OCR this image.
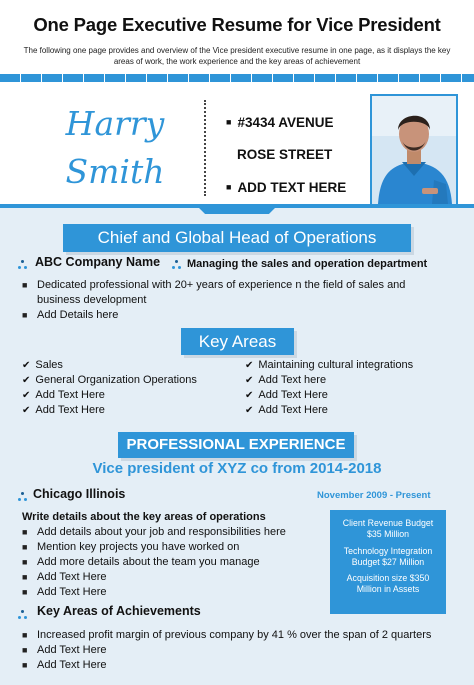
One Page Executive Resume for Vice President
The following one page provides and overview of the Vice president executive resume in one page, as it displays the key areas of work, the work experience and the key areas of achievement
Harry
Smith
■ #3434 AVENUE
ROSE STREET
■ ADD TEXT HERE
Chief and Global Head of Operations
ABC Company Name Managing the sales and operation department
■ Dedicated professional with 20+ years of experience n the field of sales and
business development
■ Add Details here
Key Areas
✔ Sales
✔ General Organization Operations
✔ Add Text Here
✔ Add Text Here
✔ Maintaining cultural integrations
✔ Add Text here
✔ Add Text Here
✔ Add Text Here
PROFESSIONAL EXPERIENCE
Vice president of XYZ co from 2014-2018
Chicago Illinois	November 2009 - Present
Write details about the key areas of operations
■ Add details about your job and responsibilities here
■ Mention key projects you have worked on
■ Add more details about the team you manage
■ Add Text Here
■ Add Text Here
Client Revenue Budget
$35 Million
Technology Integration
Budget $27 Million
Acquisition size $350
Million in Assets
Key Areas of Achievements
■ Increased profit margin of previous company by 41 % over the span of 2 quarters
■ Add Text Here
■ Add Text Here
